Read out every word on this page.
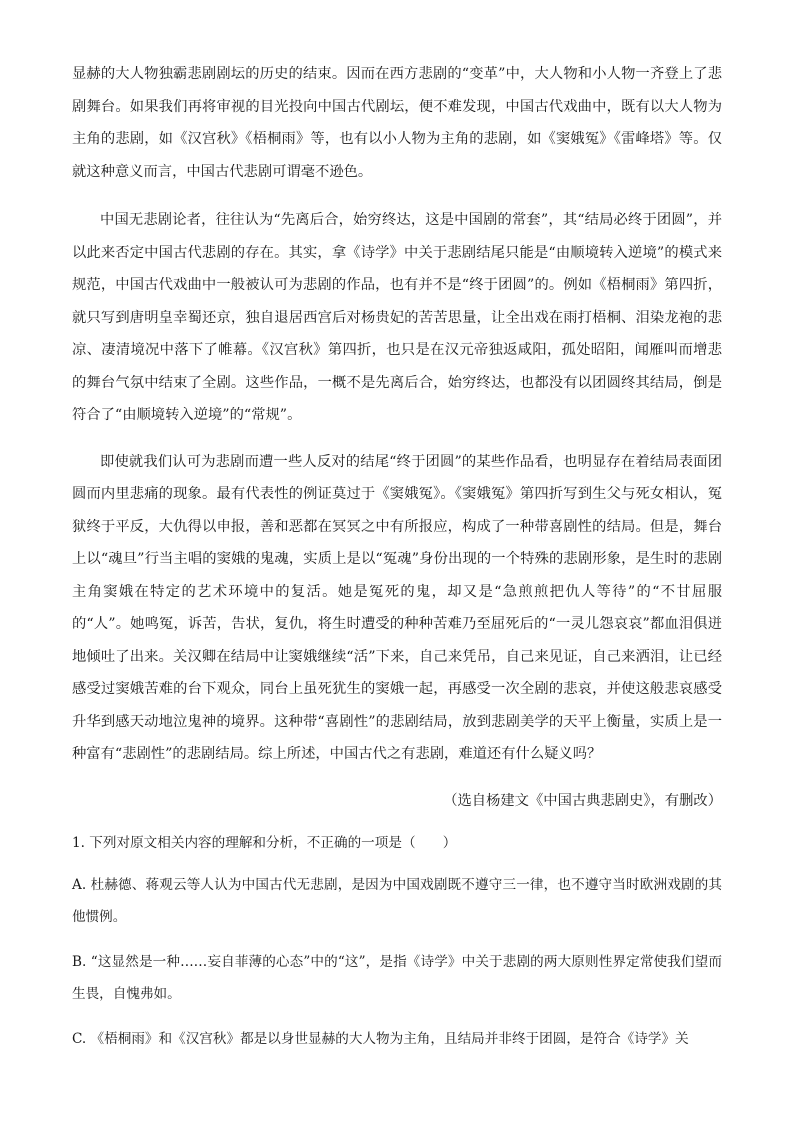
显赫的大人物独霸悲剧剧坛的历史的结束。因而在西方悲剧的“变革”中，大人物和小人物一齐登上了悲剧舞台。如果我们再将审视的目光投向中国古代剧坛，便不难发现，中国古代戏曲中，既有以大人物为主角的悲剧，如《汉宫秋》《梧桐雨》等，也有以小人物为主角的悲剧，如《窦娥冤》《雷峰塔》等。仅就这种意义而言，中国古代悲剧可谓毫不逊色。

中国无悲剧论者，往往认为“先离后合，始穷终达，这是中国剧的常套”，其“结局必终于团圆”，并以此来否定中国古代悲剧的存在。其实，拿《诗学》中关于悲剧结尾只能是“由顺境转入逆境”的模式来规范，中国古代戏曲中一般被认可为悲剧的作品，也有并不是“终于团圆”的。例如《梧桐雨》第四折，就只写到唐明皇幸蜀还京，独自退居西宫后对杨贵妃的苦苦思量，让全出戏在雨打梧桐、泪染龙袍的悲凉、凄清境况中落下了帷幕。《汉宫秋》第四折，也只是在汉元帝独返咸阳，孤处昭阳，闻雁叫而增悲的舞台气氛中结束了全剧。这些作品，一概不是先离后合，始穷终达，也都没有以团圆终其结局，倒是符合了“由顺境转入逆境”的“常规”。

即使就我们认可为悲剧而遭一些人反对的结尾“终于团圆”的某些作品看，也明显存在着结局表面团圆而内里悲痛的现象。最有代表性的例证莫过于《窦娥冤》。《窦娥冤》第四折写到生父与死女相认，冤狱终于平反，大仇得以申报，善和恶都在冥冥之中有所报应，构成了一种带喜剧性的结局。但是，舞台上以“魂旦”行当主唱的窦娥的鬼魂，实质上是以“冤魂”身份出现的一个特殊的悲剧形象，是生时的悲剧主角窦娥在特定的艺术环境中的复活。她是冤死的鬼，却又是“急煎煎把仇人等待”的“不甘屈服的“人”。她鸣冤，诉苦，告状，复仇，将生时遭受的种种苦难乃至屈死后的“一灵儿怨哀哀”都血泪俱迸地倾吐了出来。关汉卿在结局中让窦娥继续“活”下来，自己来凭吊，自己来见证，自己来洒泪，让已经感受过窦娥苦难的台下观众，同台上虽死犹生的窦娥一起，再感受一次全剧的悲哀，并使这般悲哀感受升华到感天动地泣鬼神的境界。这种带“喜剧性”的悲剧结局，放到悲剧美学的天平上衡量，实质上是一种富有“悲剧性”的悲剧结局。综上所述，中国古代之有悲剧，难道还有什么疑义吗？

（选自杨建文《中国古典悲剧史》，有删改）

1. 下列对原文相关内容的理解和分析，不正确的一项是（　　）

A. 杜赫德、蒋观云等人认为中国古代无悲剧，是因为中国戏剧既不遵守三一律，也不遵守当时欧洲戏剧的其他惯例。

B. “这显然是一种……妄自菲薄的心态”中的“这”，是指《诗学》中关于悲剧的两大原则性界定常使我们望而生畏，自愧弗如。

C. 《梧桐雨》和《汉宫秋》都是以身世显赫的大人物为主角，且结局并非终于团圆，是符合《诗学》关
